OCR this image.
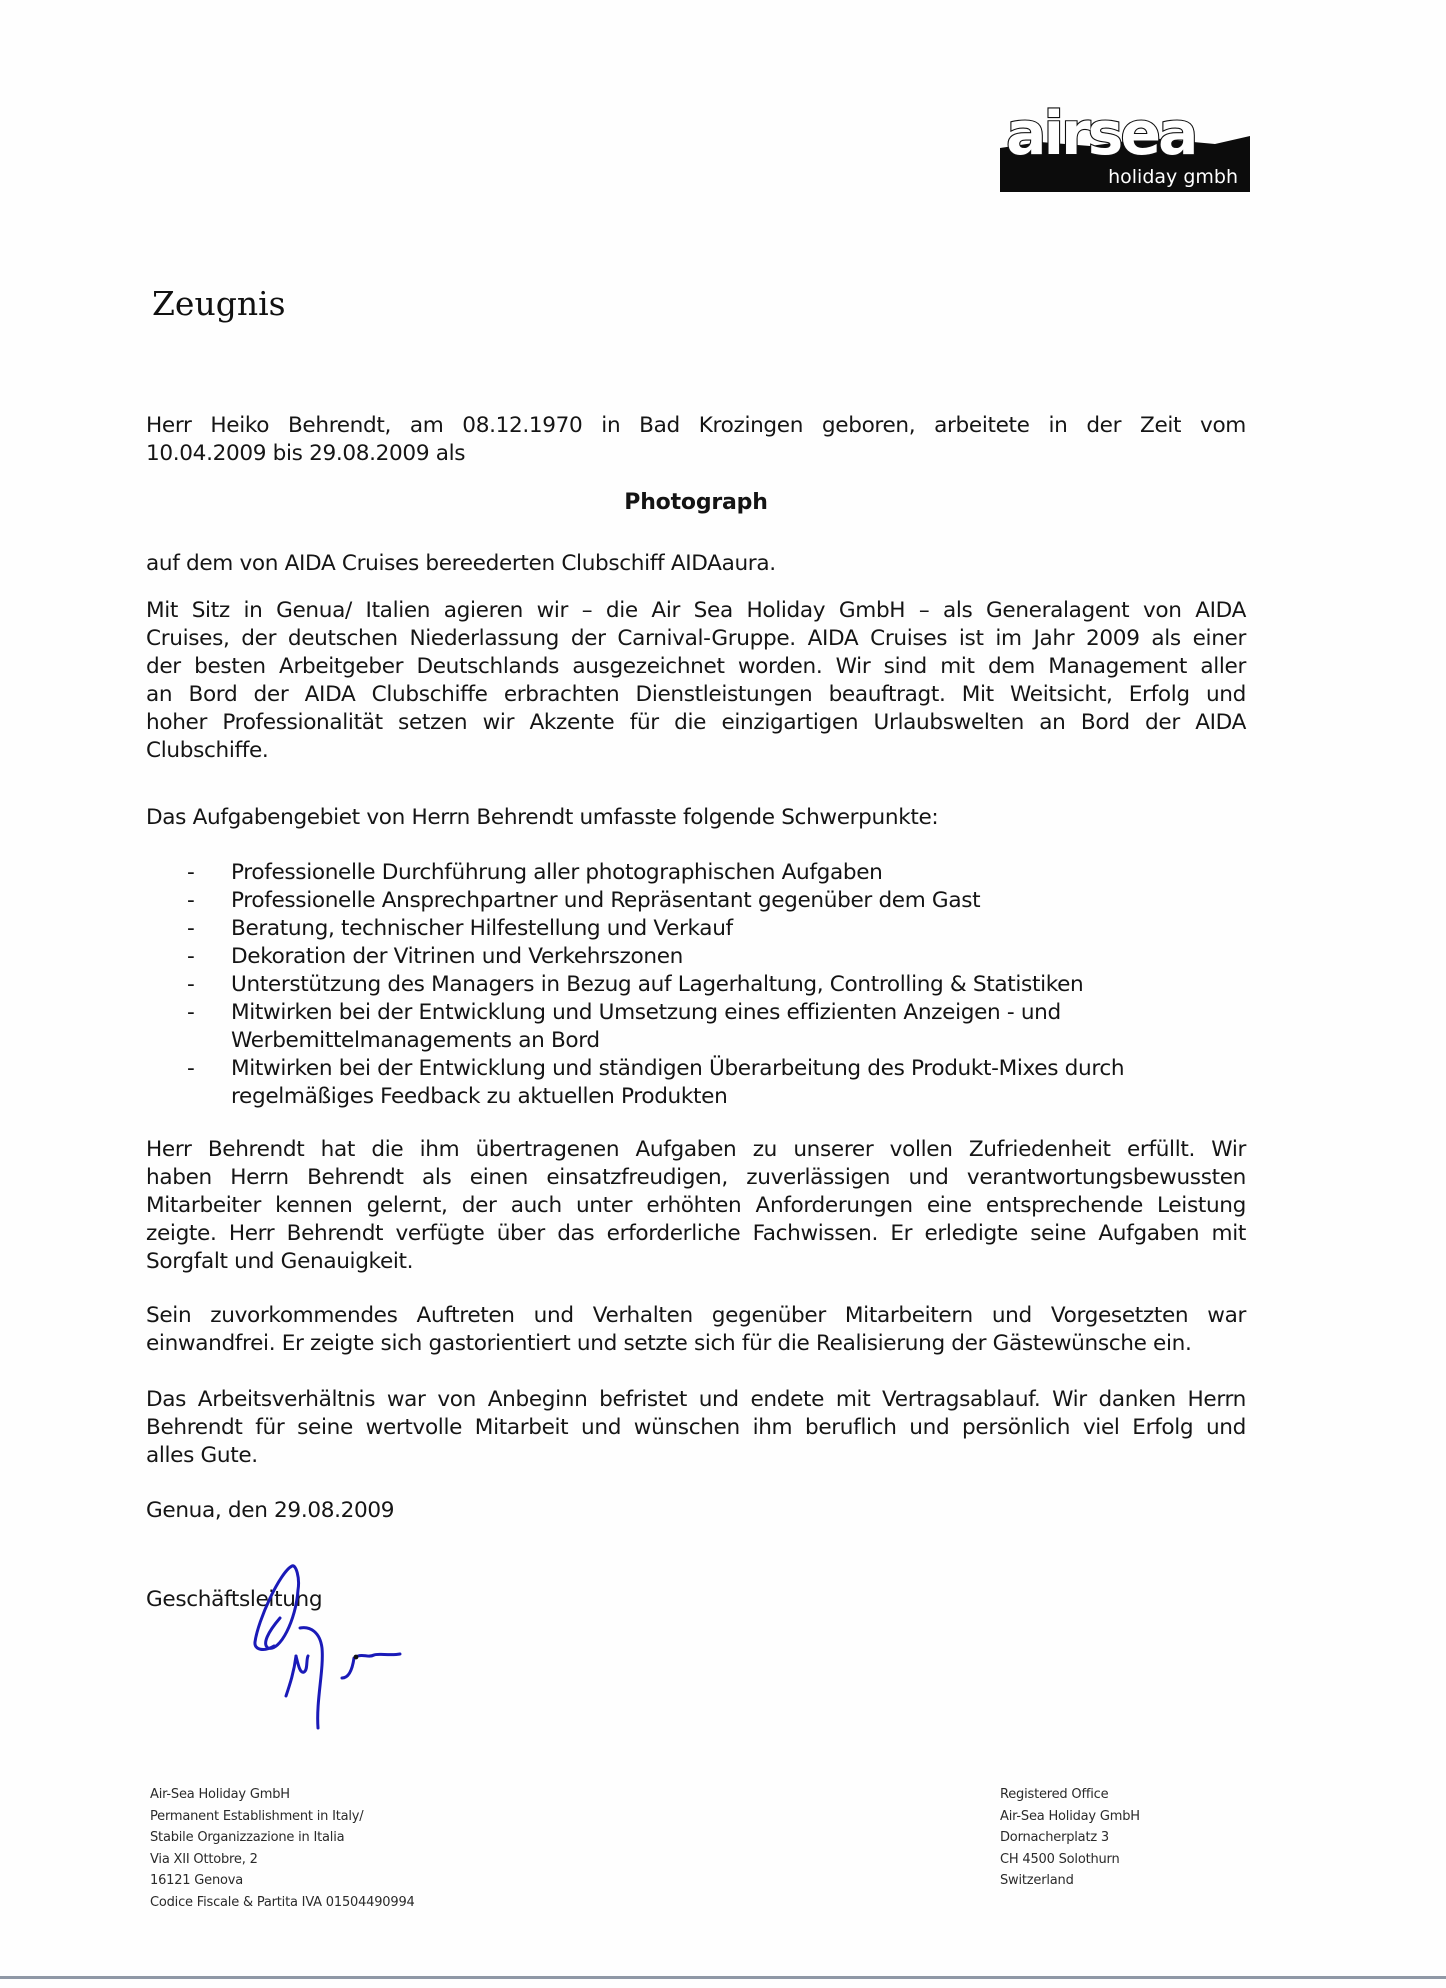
airsea
holiday gmbh
Zeugnis
Herr Heiko Behrendt, am 08.12.1970 in Bad Krozingen geboren, arbeitete in der Zeit vom
10.04.2009 bis 29.08.2009 als
Photograph
auf dem von AIDA Cruises bereederten Clubschiff AIDAaura.
Mit Sitz in Genua/ Italien agieren wir – die Air Sea Holiday GmbH – als Generalagent von AIDA
Cruises, der deutschen Niederlassung der Carnival-Gruppe. AIDA Cruises ist im Jahr 2009 als einer
der besten Arbeitgeber Deutschlands ausgezeichnet worden. Wir sind mit dem Management aller
an Bord der AIDA Clubschiffe erbrachten Dienstleistungen beauftragt. Mit Weitsicht, Erfolg und
hoher Professionalität setzen wir Akzente für die einzigartigen Urlaubswelten an Bord der AIDA
Clubschiffe.
Das Aufgabengebiet von Herrn Behrendt umfasste folgende Schwerpunkte:
- Professionelle Durchführung aller photographischen Aufgaben
- Professionelle Ansprechpartner und Repräsentant gegenüber dem Gast
- Beratung, technischer Hilfestellung und Verkauf
- Dekoration der Vitrinen und Verkehrszonen
- Unterstützung des Managers in Bezug auf Lagerhaltung, Controlling & Statistiken
- Mitwirken bei der Entwicklung und Umsetzung eines effizienten Anzeigen - und
Werbemittelmanagements an Bord
- Mitwirken bei der Entwicklung und ständigen Überarbeitung des Produkt-Mixes durch
regelmäßiges Feedback zu aktuellen Produkten
Herr Behrendt hat die ihm übertragenen Aufgaben zu unserer vollen Zufriedenheit erfüllt. Wir
haben Herrn Behrendt als einen einsatzfreudigen, zuverlässigen und verantwortungsbewussten
Mitarbeiter kennen gelernt, der auch unter erhöhten Anforderungen eine entsprechende Leistung
zeigte. Herr Behrendt verfügte über das erforderliche Fachwissen. Er erledigte seine Aufgaben mit
Sorgfalt und Genauigkeit.
Sein zuvorkommendes Auftreten und Verhalten gegenüber Mitarbeitern und Vorgesetzten war
einwandfrei. Er zeigte sich gastorientiert und setzte sich für die Realisierung der Gästewünsche ein.
Das Arbeitsverhältnis war von Anbeginn befristet und endete mit Vertragsablauf. Wir danken Herrn
Behrendt für seine wertvolle Mitarbeit und wünschen ihm beruflich und persönlich viel Erfolg und
alles Gute.
Genua, den 29.08.2009
Geschäftsleitung
Air-Sea Holiday GmbH
Permanent Establishment in Italy/
Stabile Organizzazione in Italia
Via XII Ottobre, 2
16121 Genova
Codice Fiscale & Partita IVA 01504490994
Registered Office
Air-Sea Holiday GmbH
Dornacherplatz 3
CH 4500 Solothurn
Switzerland
